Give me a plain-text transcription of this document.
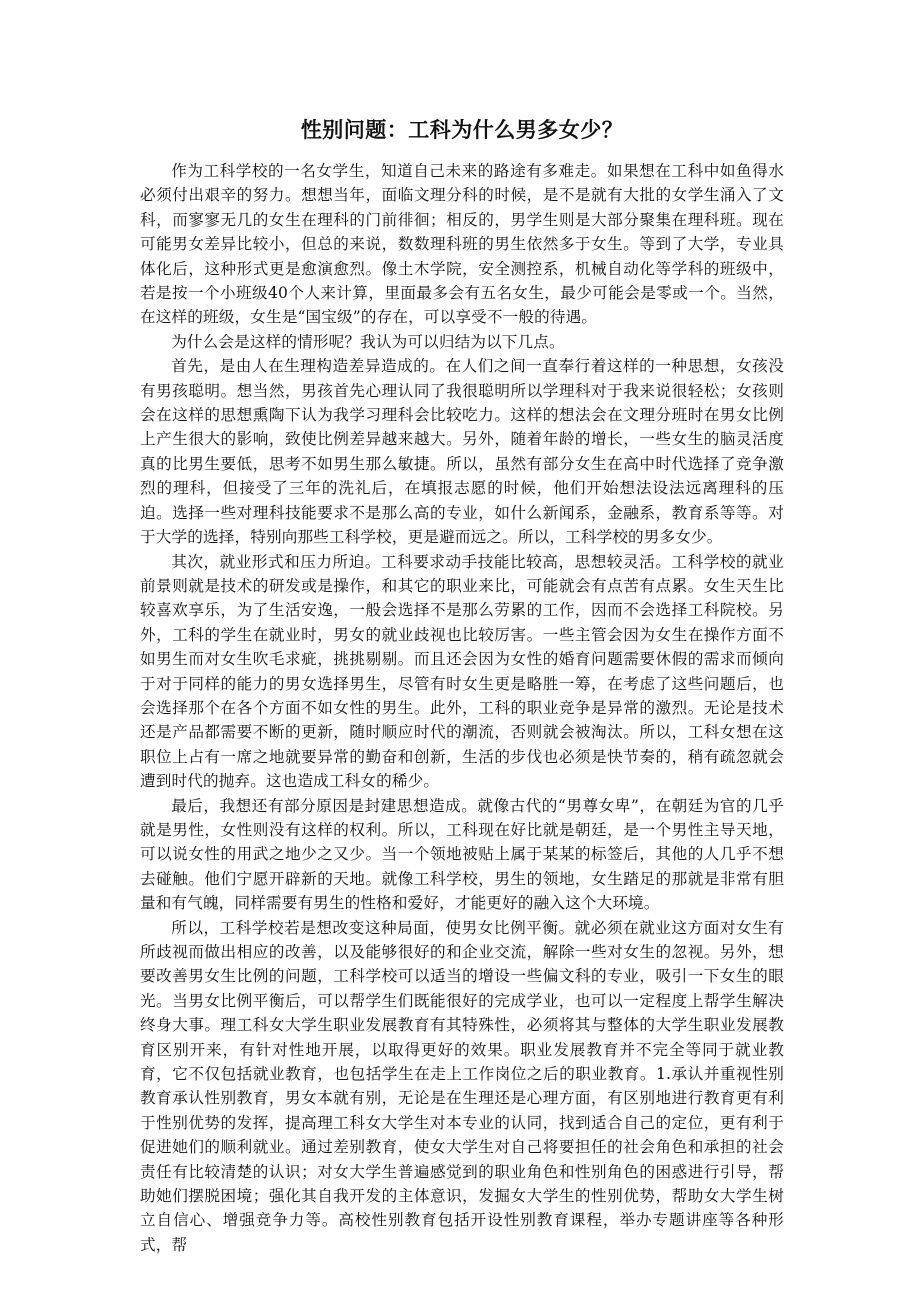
性别问题：工科为什么男多女少？

作为工科学校的一名女学生，知道自己未来的路途有多难走。如果想在工科中如鱼得水必须付出艰辛的努力。想想当年，面临文理分科的时候，是不是就有大批的女学生涌入了文科，而寥寥无几的女生在理科的门前徘徊；相反的，男学生则是大部分聚集在理科班。现在可能男女差异比较小，但总的来说，数数理科班的男生依然多于女生。等到了大学，专业具体化后，这种形式更是愈演愈烈。像土木学院，安全测控系，机械自动化等学科的班级中，若是按一个小班级40个人来计算，里面最多会有五名女生，最少可能会是零或一个。当然，在这样的班级，女生是“国宝级”的存在，可以享受不一般的待遇。

为什么会是这样的情形呢？我认为可以归结为以下几点。

首先，是由人在生理构造差异造成的。在人们之间一直奉行着这样的一种思想，女孩没有男孩聪明。想当然，男孩首先心理认同了我很聪明所以学理科对于我来说很轻松；女孩则会在这样的思想熏陶下认为我学习理科会比较吃力。这样的想法会在文理分班时在男女比例上产生很大的影响，致使比例差异越来越大。另外，随着年龄的增长，一些女生的脑灵活度真的比男生要低，思考不如男生那么敏捷。所以，虽然有部分女生在高中时代选择了竞争激烈的理科，但接受了三年的洗礼后，在填报志愿的时候，他们开始想法设法远离理科的压迫。选择一些对理科技能要求不是那么高的专业，如什么新闻系，金融系，教育系等等。对于大学的选择，特别向那些工科学校，更是避而远之。所以，工科学校的男多女少。

其次，就业形式和压力所迫。工科要求动手技能比较高，思想较灵活。工科学校的就业前景则就是技术的研发或是操作，和其它的职业来比，可能就会有点苦有点累。女生天生比较喜欢享乐，为了生活安逸，一般会选择不是那么劳累的工作，因而不会选择工科院校。另外，工科的学生在就业时，男女的就业歧视也比较厉害。一些主管会因为女生在操作方面不如男生而对女生吹毛求疵，挑挑剔剔。而且还会因为女性的婚育问题需要休假的需求而倾向于对于同样的能力的男女选择男生，尽管有时女生更是略胜一筹，在考虑了这些问题后，也会选择那个在各个方面不如女性的男生。此外，工科的职业竞争是异常的激烈。无论是技术还是产品都需要不断的更新，随时顺应时代的潮流，否则就会被淘汰。所以，工科女想在这职位上占有一席之地就要异常的勤奋和创新，生活的步伐也必须是快节奏的，稍有疏忽就会遭到时代的抛弃。这也造成工科女的稀少。

最后，我想还有部分原因是封建思想造成。就像古代的“男尊女卑”，在朝廷为官的几乎就是男性，女性则没有这样的权利。所以，工科现在好比就是朝廷，是一个男性主导天地，可以说女性的用武之地少之又少。当一个领地被贴上属于某某的标签后，其他的人几乎不想去碰触。他们宁愿开辟新的天地。就像工科学校，男生的领地，女生踏足的那就是非常有胆量和有气魄，同样需要有男生的性格和爱好，才能更好的融入这个大环境。

所以，工科学校若是想改变这种局面，使男女比例平衡。就必须在就业这方面对女生有所歧视而做出相应的改善，以及能够很好的和企业交流，解除一些对女生的忽视。另外，想要改善男女生比例的问题，工科学校可以适当的增设一些偏文科的专业，吸引一下女生的眼光。当男女比例平衡后，可以帮学生们既能很好的完成学业，也可以一定程度上帮学生解决终身大事。理工科女大学生职业发展教育有其特殊性，必须将其与整体的大学生职业发展教育区别开来，有针对性地开展，以取得更好的效果。职业发展教育并不完全等同于就业教育，它不仅包括就业教育，也包括学生在走上工作岗位之后的职业教育。1.承认并重视性别教育承认性别教育，男女本就有别，无论是在生理还是心理方面，有区别地进行教育更有利于性别优势的发挥，提高理工科女大学生对本专业的认同，找到适合自己的定位，更有利于促进她们的顺利就业。通过差别教育，使女大学生对自己将要担任的社会角色和承担的社会责任有比较清楚的认识；对女大学生普遍感觉到的职业角色和性别角色的困惑进行引导，帮助她们摆脱困境；强化其自我开发的主体意识，发掘女大学生的性别优势，帮助女大学生树立自信心、增强竞争力等。高校性别教育包括开设性别教育课程，举办专题讲座等各种形式，帮
